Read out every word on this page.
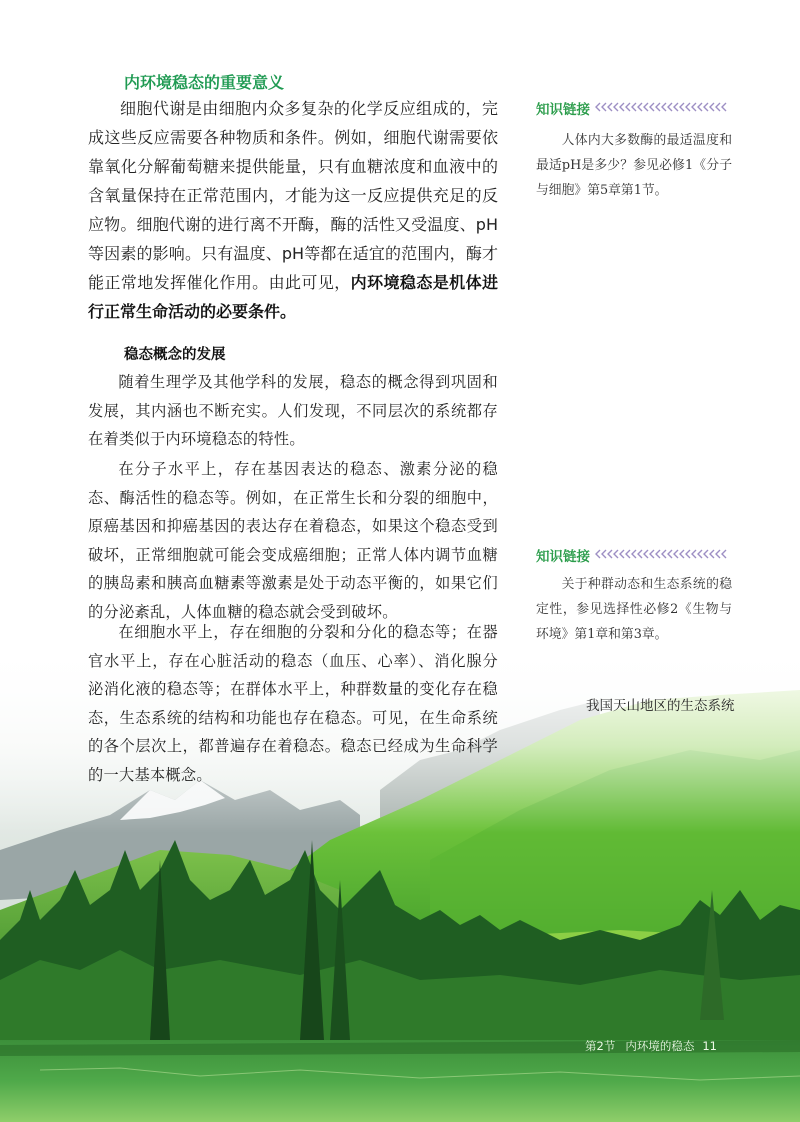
内环境稳态的重要意义

细胞代谢是由细胞内众多复杂的化学反应组成的，完成这些反应需要各种物质和条件。例如，细胞代谢需要依靠氧化分解葡萄糖来提供能量，只有血糖浓度和血液中的含氧量保持在正常范围内，才能为这一反应提供充足的反应物。细胞代谢的进行离不开酶，酶的活性又受温度、pH等因素的影响。只有温度、pH等都在适宜的范围内，酶才能正常地发挥催化作用。由此可见，内环境稳态是机体进行正常生命活动的必要条件。

稳态概念的发展

随着生理学及其他学科的发展，稳态的概念得到巩固和发展，其内涵也不断充实。人们发现，不同层次的系统都存在着类似于内环境稳态的特性。

在分子水平上，存在基因表达的稳态、激素分泌的稳态、酶活性的稳态等。例如，在正常生长和分裂的细胞中，原癌基因和抑癌基因的表达存在着稳态，如果这个稳态受到破坏，正常细胞就可能会变成癌细胞；正常人体内调节血糖的胰岛素和胰高血糖素等激素是处于动态平衡的，如果它们的分泌紊乱，人体血糖的稳态就会受到破坏。

在细胞水平上，存在细胞的分裂和分化的稳态等；在器官水平上，存在心脏活动的稳态（血压、心率）、消化腺分泌消化液的稳态等；在群体水平上，种群数量的变化存在稳态，生态系统的结构和功能也存在稳态。可见，在生命系统的各个层次上，都普遍存在着稳态。稳态已经成为生命科学的一大基本概念。

知识链接

人体内大多数酶的最适温度和最适pH是多少？参见必修1《分子与细胞》第5章第1节。

知识链接

关于种群动态和生态系统的稳定性，参见选择性必修2《生物与环境》第1章和第3章。

我国天山地区的生态系统
第2节 内环境的稳态 11
